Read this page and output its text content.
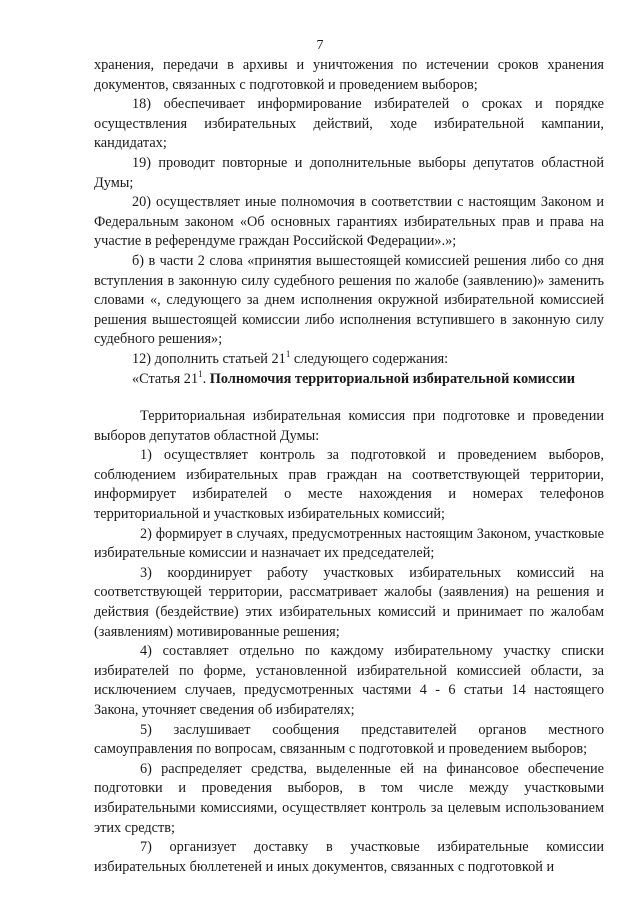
7

хранения, передачи в архивы и уничтожения по истечении сроков хранения документов, связанных с подготовкой и проведением выборов;

18) обеспечивает информирование избирателей о сроках и порядке осуществления избирательных действий, ходе избирательной кампании, кандидатах;

19) проводит повторные и дополнительные выборы депутатов областной Думы;

20) осуществляет иные полномочия в соответствии с настоящим Законом и Федеральным законом «Об основных гарантиях избирательных прав и права на участие в референдуме граждан Российской Федерации».»;

б) в части 2 слова «принятия вышестоящей комиссией решения либо со дня вступления в законную силу судебного решения по жалобе (заявлению)» заменить словами «, следующего за днем исполнения окружной избирательной комиссией решения вышестоящей комиссии либо исполнения вступившего в законную силу судебного решения»;

12) дополнить статьей $21^1$ следующего содержания:

«Статья $21^1$. Полномочия территориальной избирательной комиссии

Территориальная избирательная комиссия при подготовке и проведении выборов депутатов областной Думы:

1) осуществляет контроль за подготовкой и проведением выборов, соблюдением избирательных прав граждан на соответствующей территории, информирует избирателей о месте нахождения и номерах телефонов территориальной и участковых избирательных комиссий;

2) формирует в случаях, предусмотренных настоящим Законом, участковые избирательные комиссии и назначает их председателей;

3) координирует работу участковых избирательных комиссий на соответствующей территории, рассматривает жалобы (заявления) на решения и действия (бездействие) этих избирательных комиссий и принимает по жалобам (заявлениям) мотивированные решения;

4) составляет отдельно по каждому избирательному участку списки избирателей по форме, установленной избирательной комиссией области, за исключением случаев, предусмотренных частями 4 - 6 статьи 14 настоящего Закона, уточняет сведения об избирателях;

5) заслушивает сообщения представителей органов местного самоуправления по вопросам, связанным с подготовкой и проведением выборов;

6) распределяет средства, выделенные ей на финансовое обеспечение подготовки и проведения выборов, в том числе между участковыми избирательными комиссиями, осуществляет контроль за целевым использованием этих средств;

7) организует доставку в участковые избирательные комиссии избирательных бюллетеней и иных документов, связанных с подготовкой и
